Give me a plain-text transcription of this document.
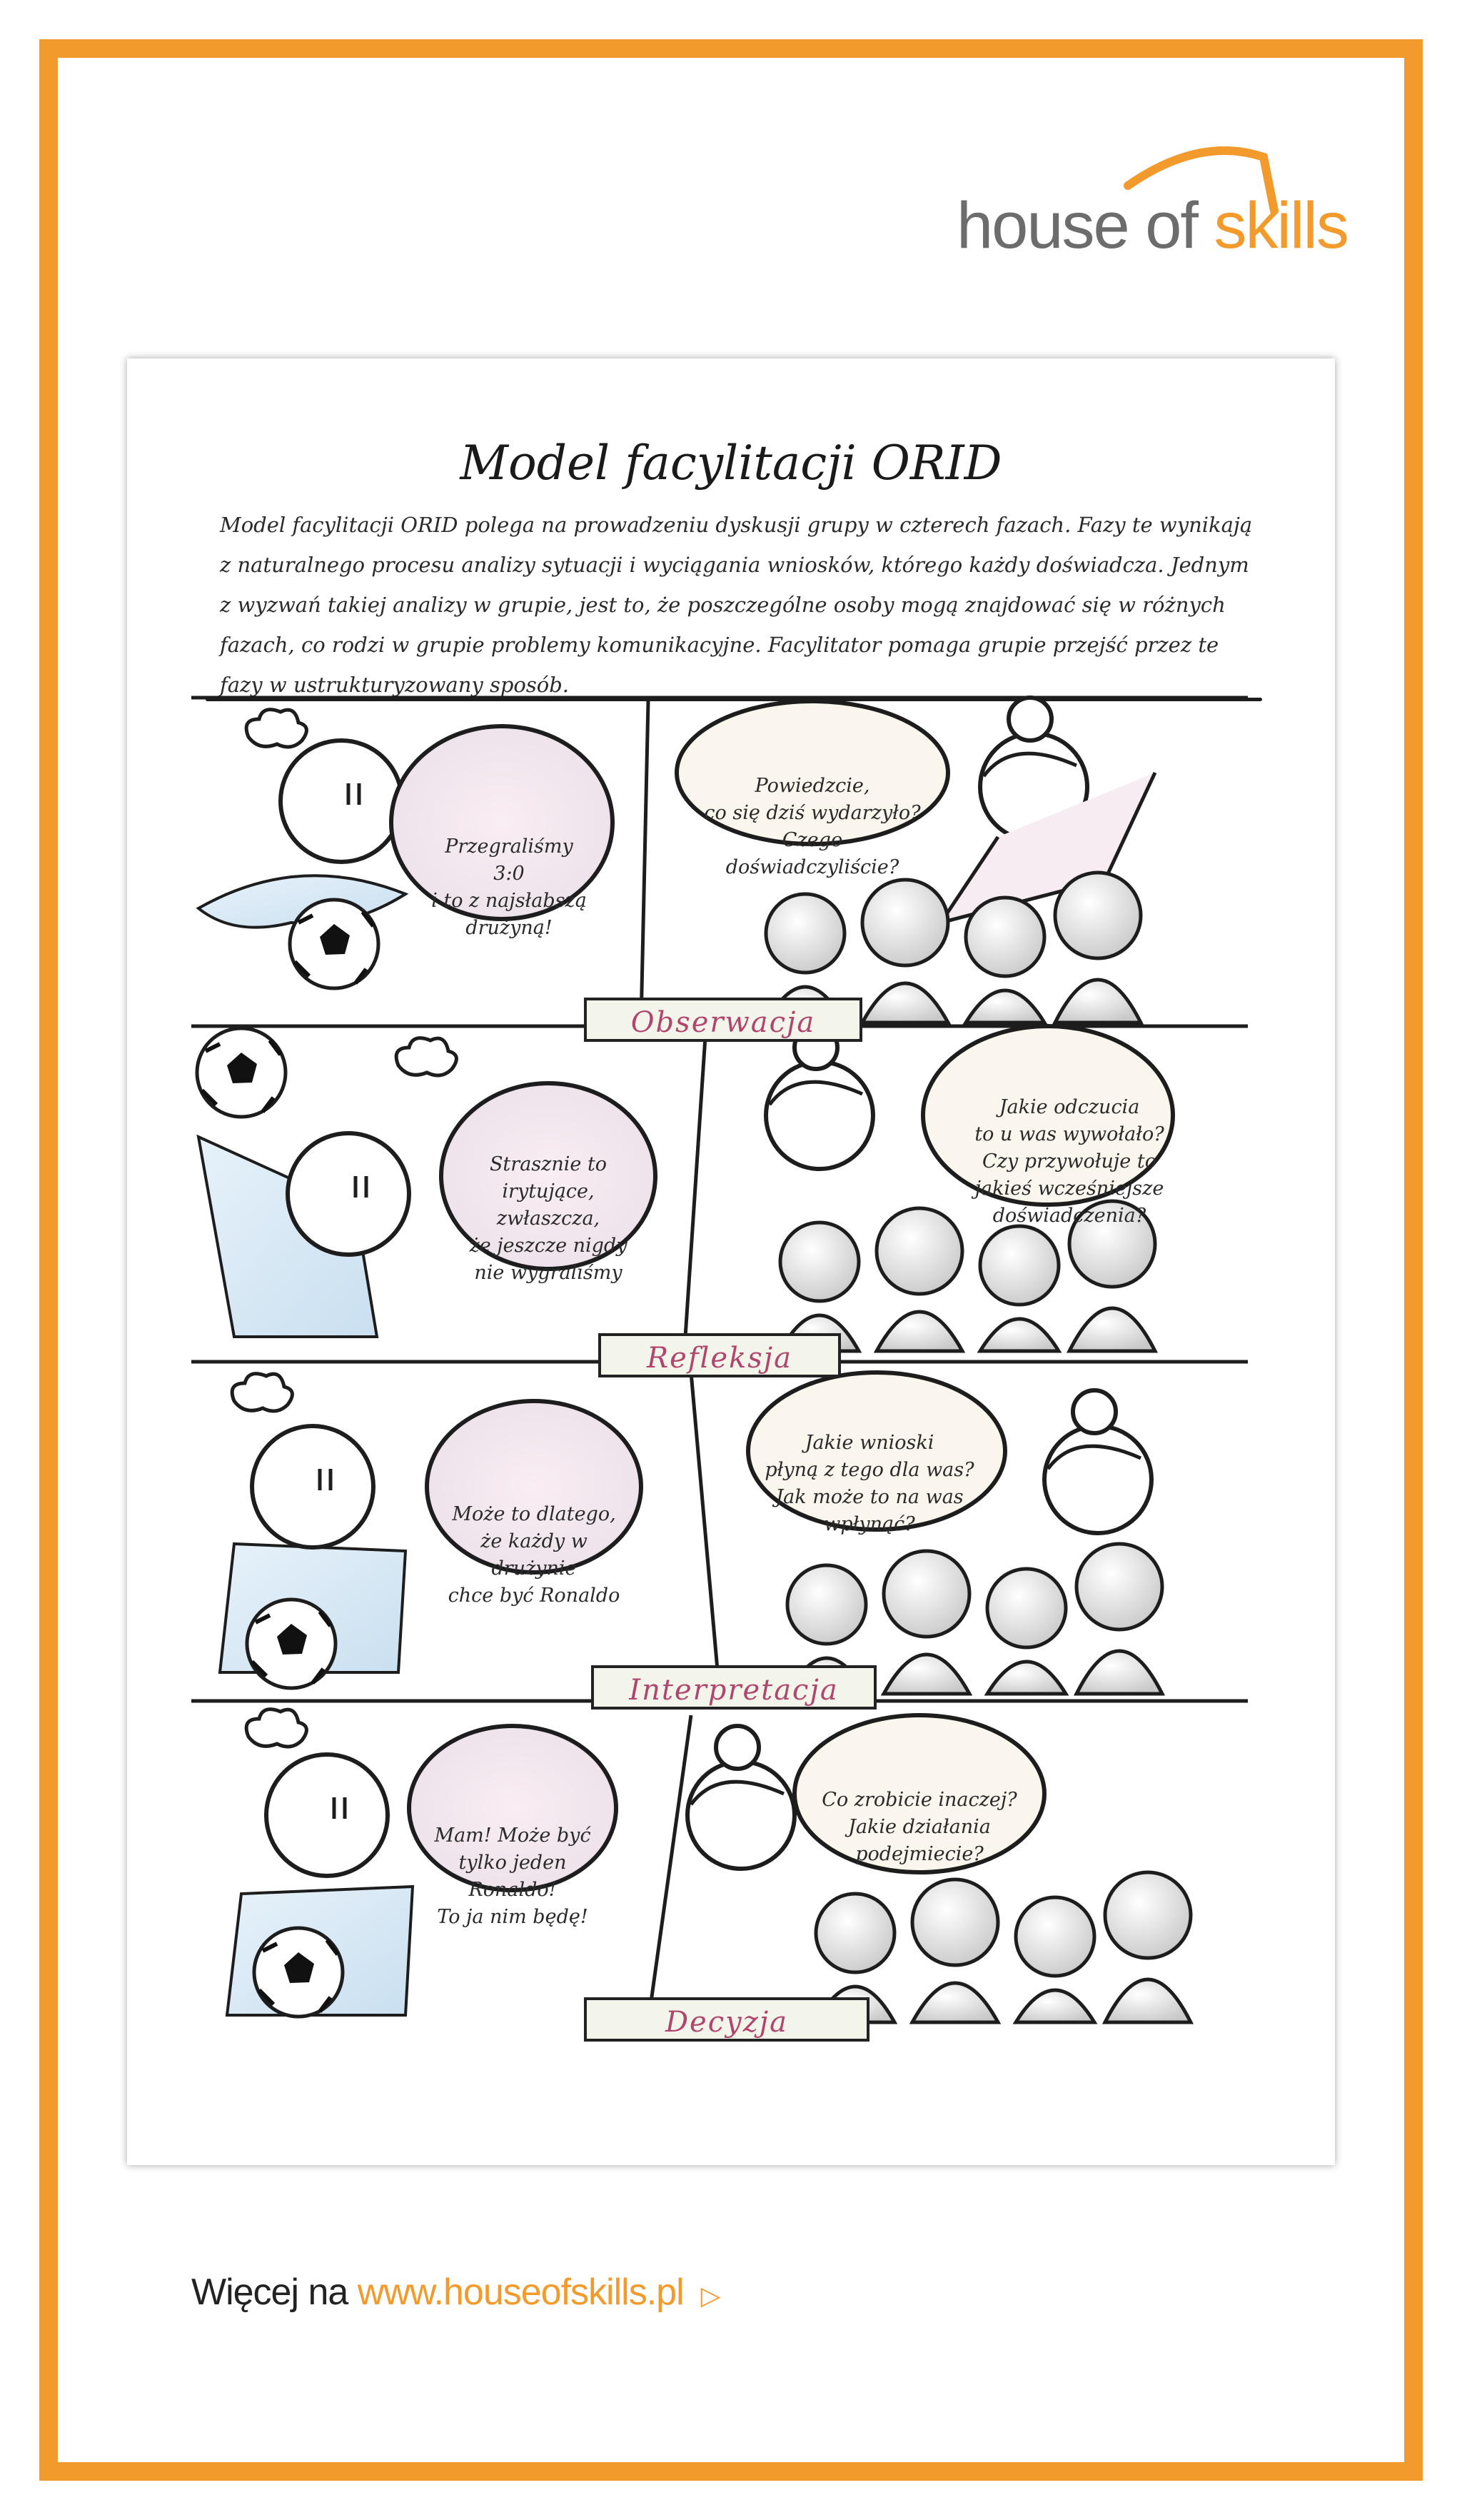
house of skills
Model facylitacji ORID
Model facylitacji ORID polega na prowadzeniu dyskusji grupy w czterech fazach. Fazy te wynikają z naturalnego procesu analizy sytuacji i wyciągania wniosków, którego każdy doświadcza. Jednym z wyzwań takiej analizy w grupie, jest to, że poszczególne osoby mogą znajdować się w różnych fazach, co rodzi w grupie problemy komunikacyjne. Facylitator pomaga grupie przejść przez te fazy w ustrukturyzowany sposób.
Przegraliśmy 3:0
i to z najsłabszą
drużyną!
Powiedzcie,
co się dziś wydarzyło?
Czego doświadczyliście?
Obserwacja
Strasznie to
irytujące, zwłaszcza,
że jeszcze nigdy
nie wygraliśmy
Jakie odczucia
to u was wywołało?
Czy przywołuje to
jakieś wcześniejsze
doświadczenia?
Refleksja
Może to dlatego,
że każdy w drużynie
chce być Ronaldo
Jakie wnioski
płyną z tego dla was?
Jak może to na was
wpłynąć?
Interpretacja
Mam! Może być
tylko jeden Ronaldo!
To ja nim będę!
Co zrobicie inaczej?
Jakie działania
podejmiecie?
Decyzja
Więcej na www.houseofskills.pl ▷
